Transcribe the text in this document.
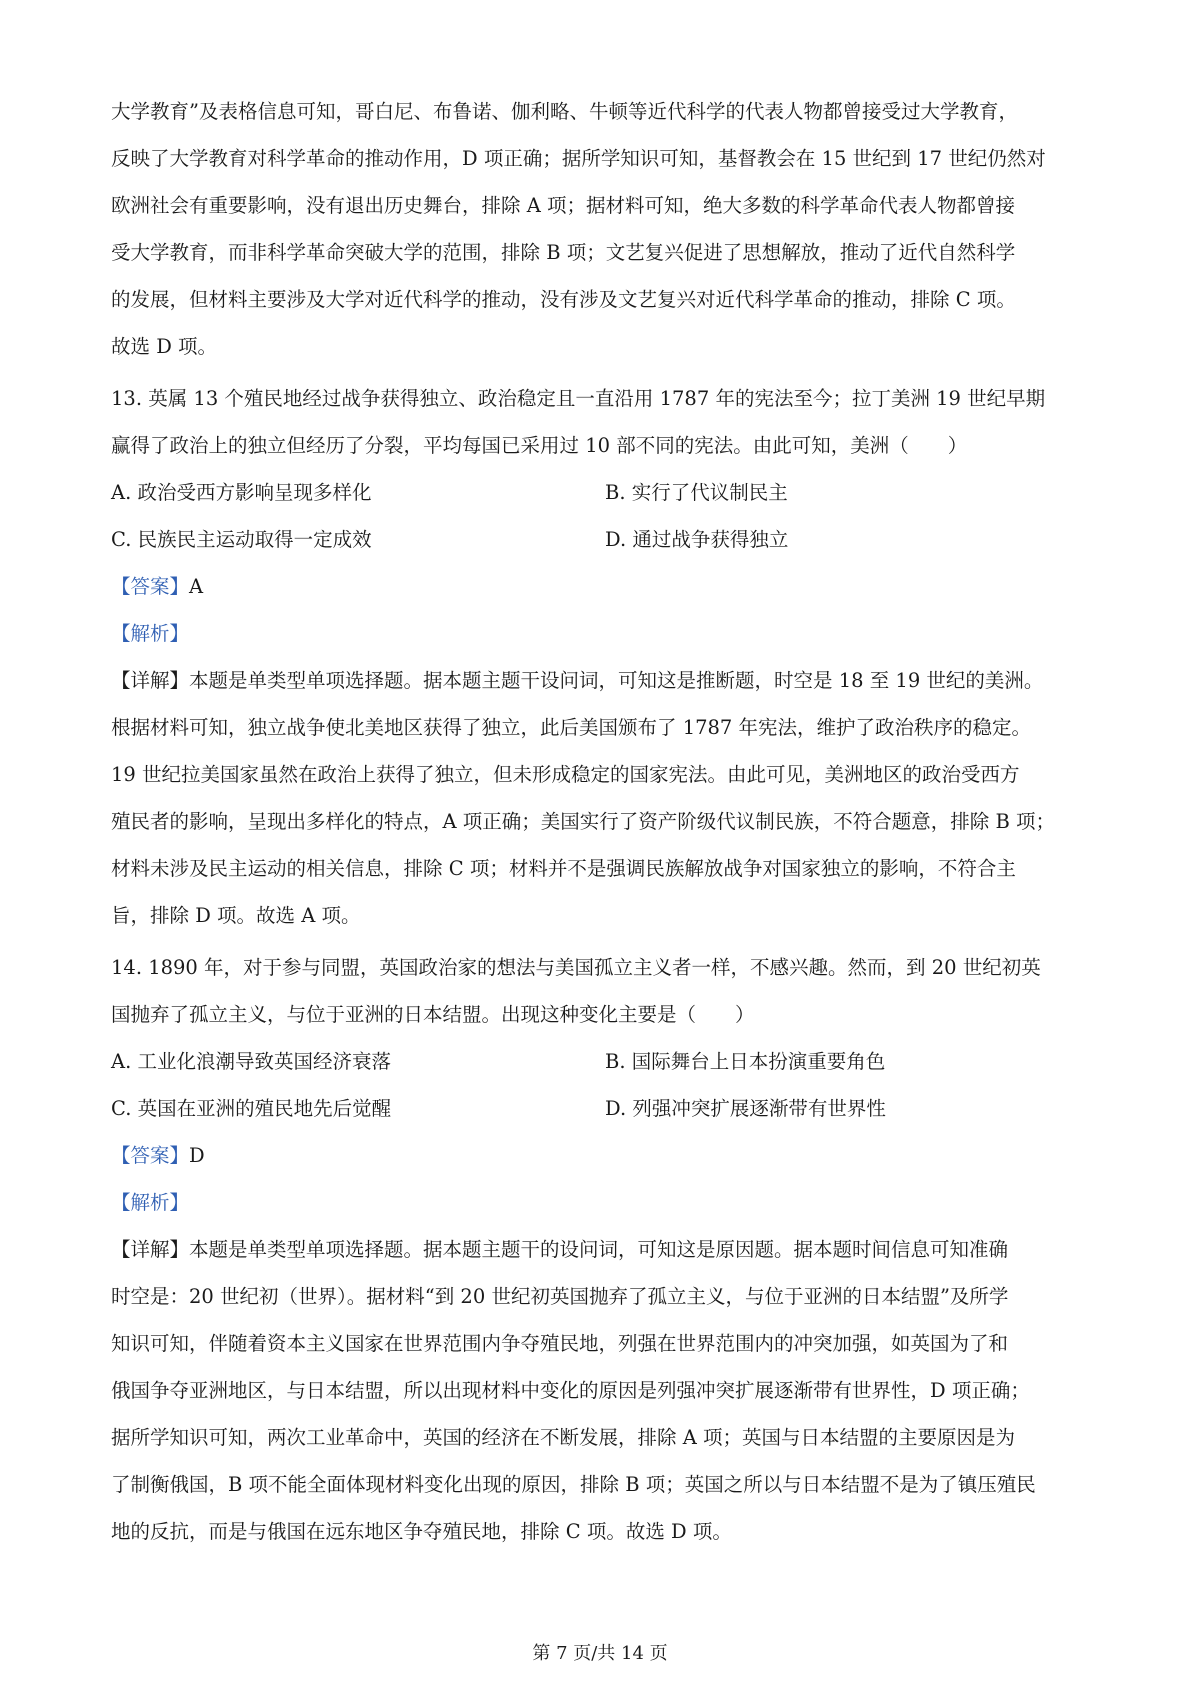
大学教育”及表格信息可知，哥白尼、布鲁诺、伽利略、牛顿等近代科学的代表人物都曾接受过大学教育，
反映了大学教育对科学革命的推动作用，D 项正确；据所学知识可知，基督教会在 15 世纪到 17 世纪仍然对
欧洲社会有重要影响，没有退出历史舞台，排除 A 项；据材料可知，绝大多数的科学革命代表人物都曾接
受大学教育，而非科学革命突破大学的范围，排除 B 项；文艺复兴促进了思想解放，推动了近代自然科学
的发展，但材料主要涉及大学对近代科学的推动，没有涉及文艺复兴对近代科学革命的推动，排除 C 项。
故选 D 项。
13. 英属 13 个殖民地经过战争获得独立、政治稳定且一直沿用 1787 年的宪法至今；拉丁美洲 19 世纪早期
赢得了政治上的独立但经历了分裂，平均每国已采用过 10 部不同的宪法。由此可知，美洲（　　）
A. 政治受西方影响呈现多样化	B. 实行了代议制民主
C. 民族民主运动取得一定成效	D. 通过战争获得独立
【答案】A
【解析】
【详解】本题是单类型单项选择题。据本题主题干设问词，可知这是推断题，时空是 18 至 19 世纪的美洲。
根据材料可知，独立战争使北美地区获得了独立，此后美国颁布了 1787 年宪法，维护了政治秩序的稳定。
19 世纪拉美国家虽然在政治上获得了独立，但未形成稳定的国家宪法。由此可见，美洲地区的政治受西方
殖民者的影响，呈现出多样化的特点，A 项正确；美国实行了资产阶级代议制民族，不符合题意，排除 B 项；
材料未涉及民主运动的相关信息，排除 C 项；材料并不是强调民族解放战争对国家独立的影响，不符合主
旨，排除 D 项。故选 A 项。
14. 1890 年，对于参与同盟，英国政治家的想法与美国孤立主义者一样，不感兴趣。然而，到 20 世纪初英
国抛弃了孤立主义，与位于亚洲的日本结盟。出现这种变化主要是（　　）
A. 工业化浪潮导致英国经济衰落	B. 国际舞台上日本扮演重要角色
C. 英国在亚洲的殖民地先后觉醒	D. 列强冲突扩展逐渐带有世界性
【答案】D
【解析】
【详解】本题是单类型单项选择题。据本题主题干的设问词，可知这是原因题。据本题时间信息可知准确
时空是：20 世纪初（世界）。据材料“到 20 世纪初英国抛弃了孤立主义，与位于亚洲的日本结盟”及所学
知识可知，伴随着资本主义国家在世界范围内争夺殖民地，列强在世界范围内的冲突加强，如英国为了和
俄国争夺亚洲地区，与日本结盟，所以出现材料中变化的原因是列强冲突扩展逐渐带有世界性，D 项正确；
据所学知识可知，两次工业革命中，英国的经济在不断发展，排除 A 项；英国与日本结盟的主要原因是为
了制衡俄国，B 项不能全面体现材料变化出现的原因，排除 B 项；英国之所以与日本结盟不是为了镇压殖民
地的反抗，而是与俄国在远东地区争夺殖民地，排除 C 项。故选 D 项。
第 7 页/共 14 页
